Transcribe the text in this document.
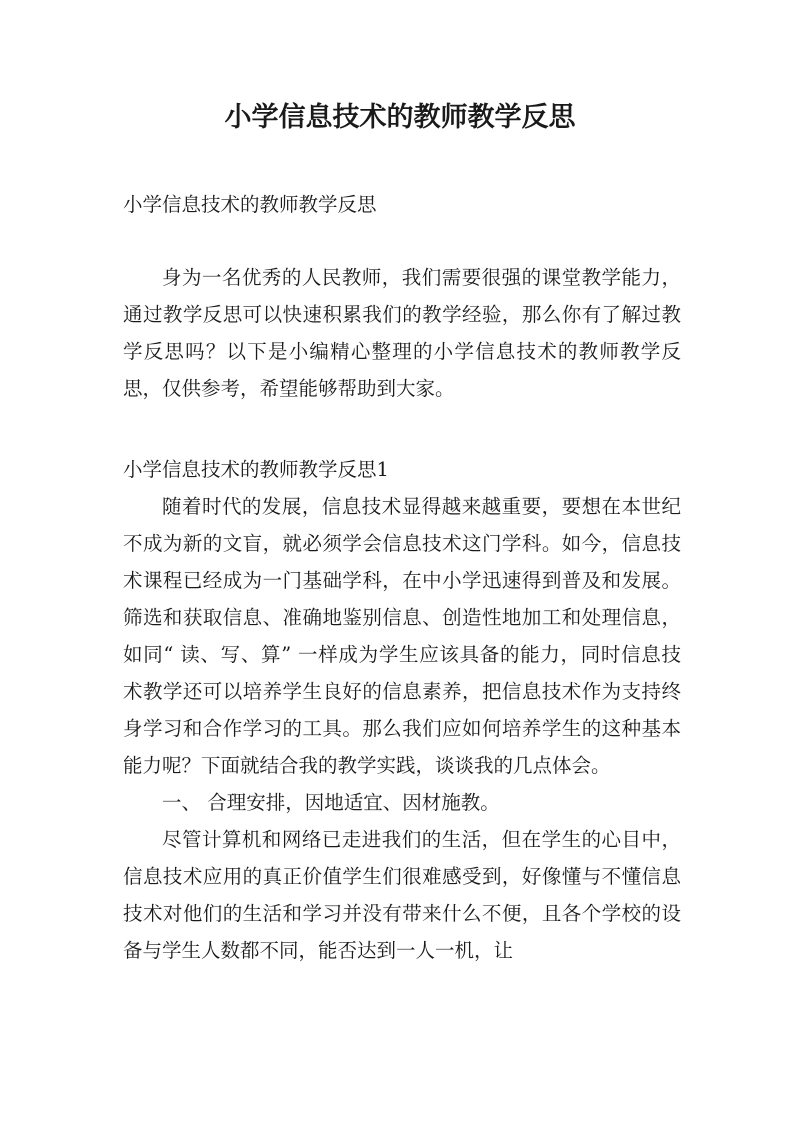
小学信息技术的教师教学反思

小学信息技术的教师教学反思

身为一名优秀的人民教师，我们需要很强的课堂教学能力，通过教学反思可以快速积累我们的教学经验，那么你有了解过教学反思吗？以下是小编精心整理的小学信息技术的教师教学反思，仅供参考，希望能够帮助到大家。

小学信息技术的教师教学反思1

随着时代的发展，信息技术显得越来越重要，要想在本世纪不成为新的文盲，就必须学会信息技术这门学科。如今，信息技术课程已经成为一门基础学科，在中小学迅速得到普及和发展。筛选和获取信息、准确地鉴别信息、创造性地加工和处理信息，如同“ 读、写、算” 一样成为学生应该具备的能力，同时信息技术教学还可以培养学生良好的信息素养，把信息技术作为支持终身学习和合作学习的工具。那么我们应如何培养学生的这种基本能力呢？下面就结合我的教学实践，谈谈我的几点体会。

一、 合理安排，因地适宜、因材施教。

尽管计算机和网络已走进我们的生活，但在学生的心目中，信息技术应用的真正价值学生们很难感受到，好像懂与不懂信息技术对他们的生活和学习并没有带来什么不便，且各个学校的设备与学生人数都不同，能否达到一人一机，让
